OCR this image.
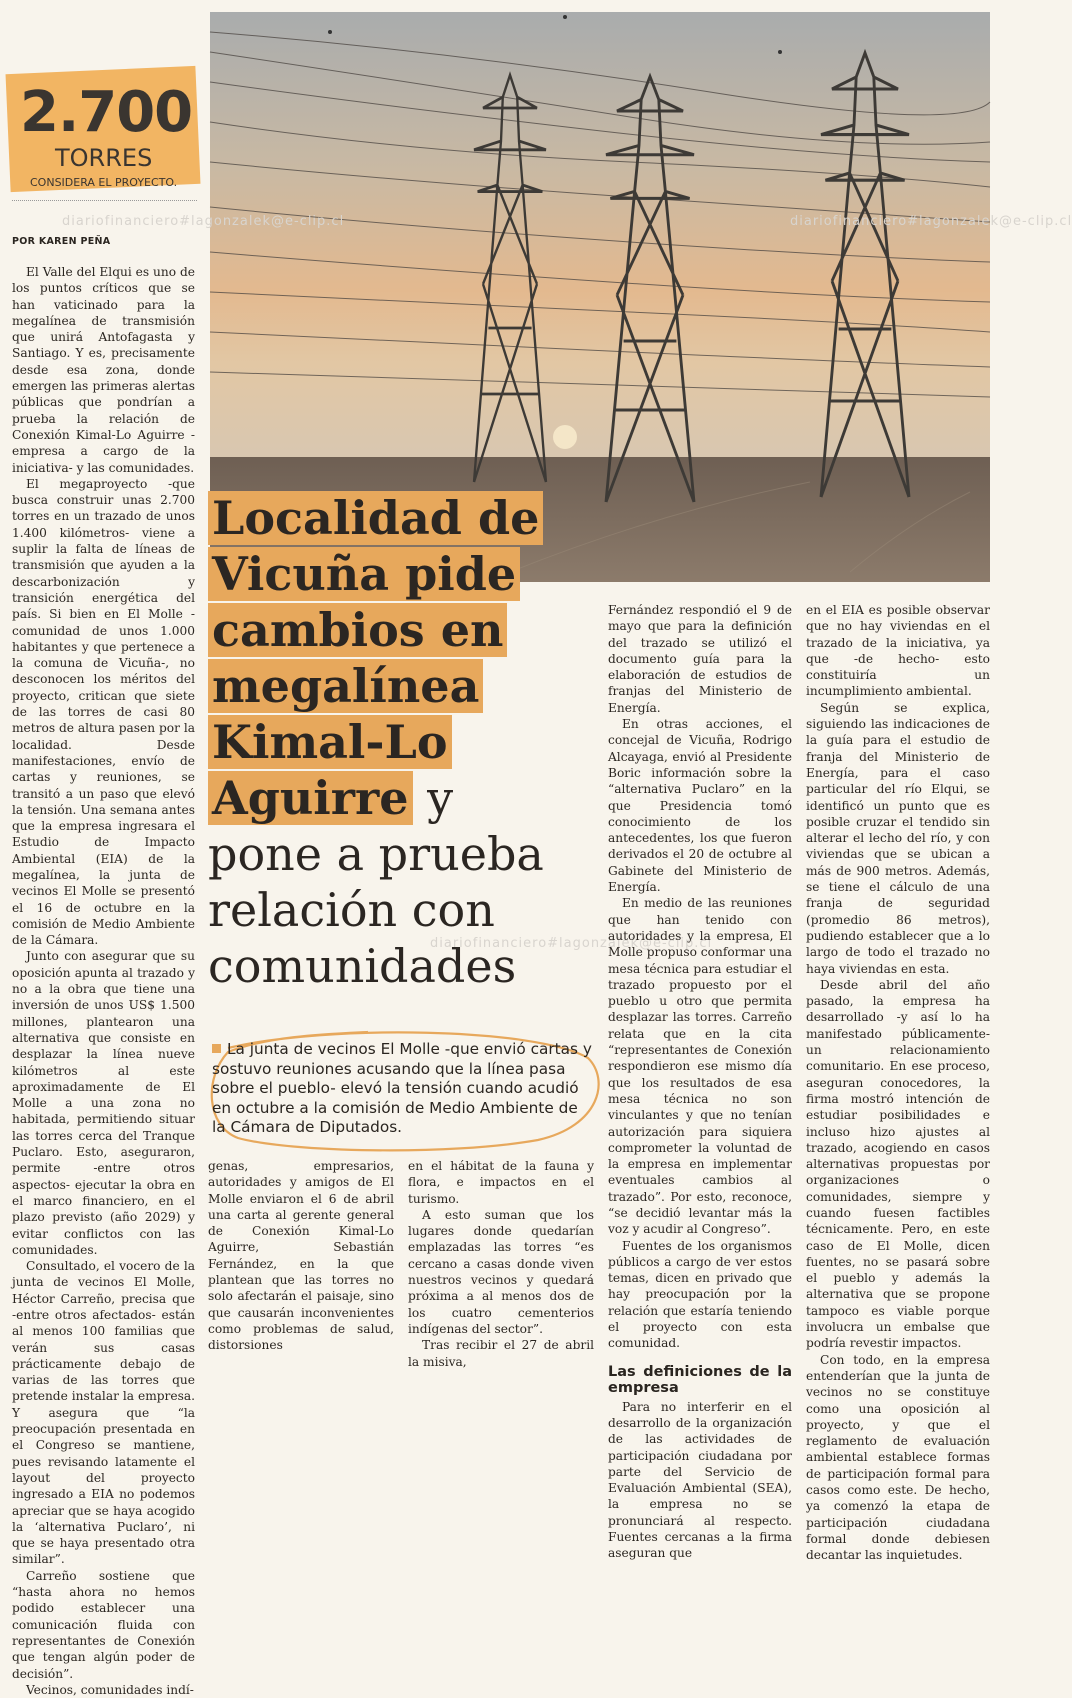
2.700
TORRES
CONSIDERA EL PROYECTO.
POR KAREN PEÑA
diariofinanciero#lagonzalek@e-clip.cl	diariofinanciero#lagonzalek@e-clip.cl
diariofinanciero#lagonzalek@e-clip.cl
Localidad de
Vicuña pide
cambios en
megalínea
Kimal-Lo
Aguirre y
pone a prueba
relación con
comunidades
La junta de vecinos El Molle -que envió cartas y sostuvo reuniones acusando que la línea pasa sobre el pueblo- elevó la tensión cuando acudió en octubre a la comisión de Medio Ambiente de la Cámara de Diputados.

El Valle del Elqui es uno de los puntos críticos que se han vaticinado para la megalínea de transmisión que unirá Antofagasta y Santiago. Y es, precisamente desde esa zona, donde emergen las primeras alertas públicas que pondrían a prueba la relación de Conexión Kimal-Lo Aguirre -empresa a cargo de la iniciativa- y las comunidades.

El megaproyecto -que busca construir unas 2.700 torres en un trazado de unos 1.400 kilómetros- viene a suplir la falta de líneas de transmisión que ayuden a la descarbonización y transición energética del país. Si bien en El Molle -comunidad de unos 1.000 habitantes y que pertenece a la comuna de Vicuña-, no desconocen los méritos del proyecto, critican que siete de las torres de casi 80 metros de altura pasen por la localidad. Desde manifestaciones, envío de cartas y reuniones, se transitó a un paso que elevó la tensión. Una semana antes que la empresa ingresara el Estudio de Impacto Ambiental (EIA) de la megalínea, la junta de vecinos El Molle se presentó el 16 de octubre en la comisión de Medio Ambiente de la Cámara.

Junto con asegurar que su oposición apunta al trazado y no a la obra que tiene una inversión de unos US$ 1.500 millones, plantearon una alternativa que consiste en desplazar la línea nueve kilómetros al este aproximadamente de El Molle a una zona no habitada, permitiendo situar las torres cerca del Tranque Puclaro. Esto, aseguraron, permite -entre otros aspectos- ejecutar la obra en el marco financiero, en el plazo previsto (año 2029) y evitar conflictos con las comunidades.

Consultado, el vocero de la junta de vecinos El Molle, Héctor Carreño, precisa que -entre otros afectados- están al menos 100 familias que verán sus casas prácticamente debajo de varias de las torres que pretende instalar la empresa. Y asegura que “la preocupación presentada en el Congreso se mantiene, pues revisando latamente el layout del proyecto ingresado a EIA no podemos apreciar que se haya acogido la ‘alternativa Puclaro’, ni que se haya presentado otra similar”.

Carreño sostiene que “hasta ahora no hemos podido establecer una comunicación fluida con representantes de Conexión que tengan algún poder de decisión”.

Vecinos, comunidades indí-

genas, empresarios, autoridades y amigos de El Molle enviaron el 6 de abril una carta al gerente general de Conexión Kimal-Lo Aguirre, Sebastián Fernández, en la que plantean que las torres no solo afectarán el paisaje, sino que causarán inconvenientes como problemas de salud, distorsiones

en el hábitat de la fauna y flora, e impactos en el turismo.

A esto suman que los lugares donde quedarían emplazadas las torres “es cercano a casas donde viven nuestros vecinos y quedará próxima a al menos dos de los cuatro cementerios indígenas del sector”.

Tras recibir el 27 de abril la misiva,

Fernández respondió el 9 de mayo que para la definición del trazado se utilizó el documento guía para la elaboración de estudios de franjas del Ministerio de Energía.

En otras acciones, el concejal de Vicuña, Rodrigo Alcayaga, envió al Presidente Boric información sobre la “alternativa Puclaro” en la que Presidencia tomó conocimiento de los antecedentes, los que fueron derivados el 20 de octubre al Gabinete del Ministerio de Energía.

En medio de las reuniones que han tenido con autoridades y la empresa, El Molle propuso conformar una mesa técnica para estudiar el trazado propuesto por el pueblo u otro que permita desplazar las torres. Carreño relata que en la cita “representantes de Conexión respondieron ese mismo día que los resultados de esa mesa técnica no son vinculantes y que no tenían autorización para siquiera comprometer la voluntad de la empresa en implementar eventuales cambios al trazado”. Por esto, reconoce, “se decidió levantar más la voz y acudir al Congreso”.

Fuentes de los organismos públicos a cargo de ver estos temas, dicen en privado que hay preocupación por la relación que estaría teniendo el proyecto con esta comunidad.

Las definiciones de la empresa

Para no interferir en el desarrollo de la organización de las actividades de participación ciudadana por parte del Servicio de Evaluación Ambiental (SEA), la empresa no se pronunciará al respecto. Fuentes cercanas a la firma aseguran que

en el EIA es posible observar que no hay viviendas en el trazado de la iniciativa, ya que -de hecho- esto constituiría un incumplimiento ambiental.

Según se explica, siguiendo las indicaciones de la guía para el estudio de franja del Ministerio de Energía, para el caso particular del río Elqui, se identificó un punto que es posible cruzar el tendido sin alterar el lecho del río, y con viviendas que se ubican a más de 900 metros. Además, se tiene el cálculo de una franja de seguridad (promedio 86 metros), pudiendo establecer que a lo largo de todo el trazado no haya viviendas en esta.

Desde abril del año pasado, la empresa ha desarrollado -y así lo ha manifestado públicamente- un relacionamiento comunitario. En ese proceso, aseguran conocedores, la firma mostró intención de estudiar posibilidades e incluso hizo ajustes al trazado, acogiendo en casos alternativas propuestas por organizaciones o comunidades, siempre y cuando fuesen factibles técnicamente. Pero, en este caso de El Molle, dicen fuentes, no se pasará sobre el pueblo y además la alternativa que se propone tampoco es viable porque involucra un embalse que podría revestir impactos.

Con todo, en la empresa entenderían que la junta de vecinos no se constituye como una oposición al proyecto, y que el reglamento de evaluación ambiental establece formas de participación formal para casos como este. De hecho, ya comenzó la etapa de participación ciudadana formal donde debiesen decantar las inquietudes.
